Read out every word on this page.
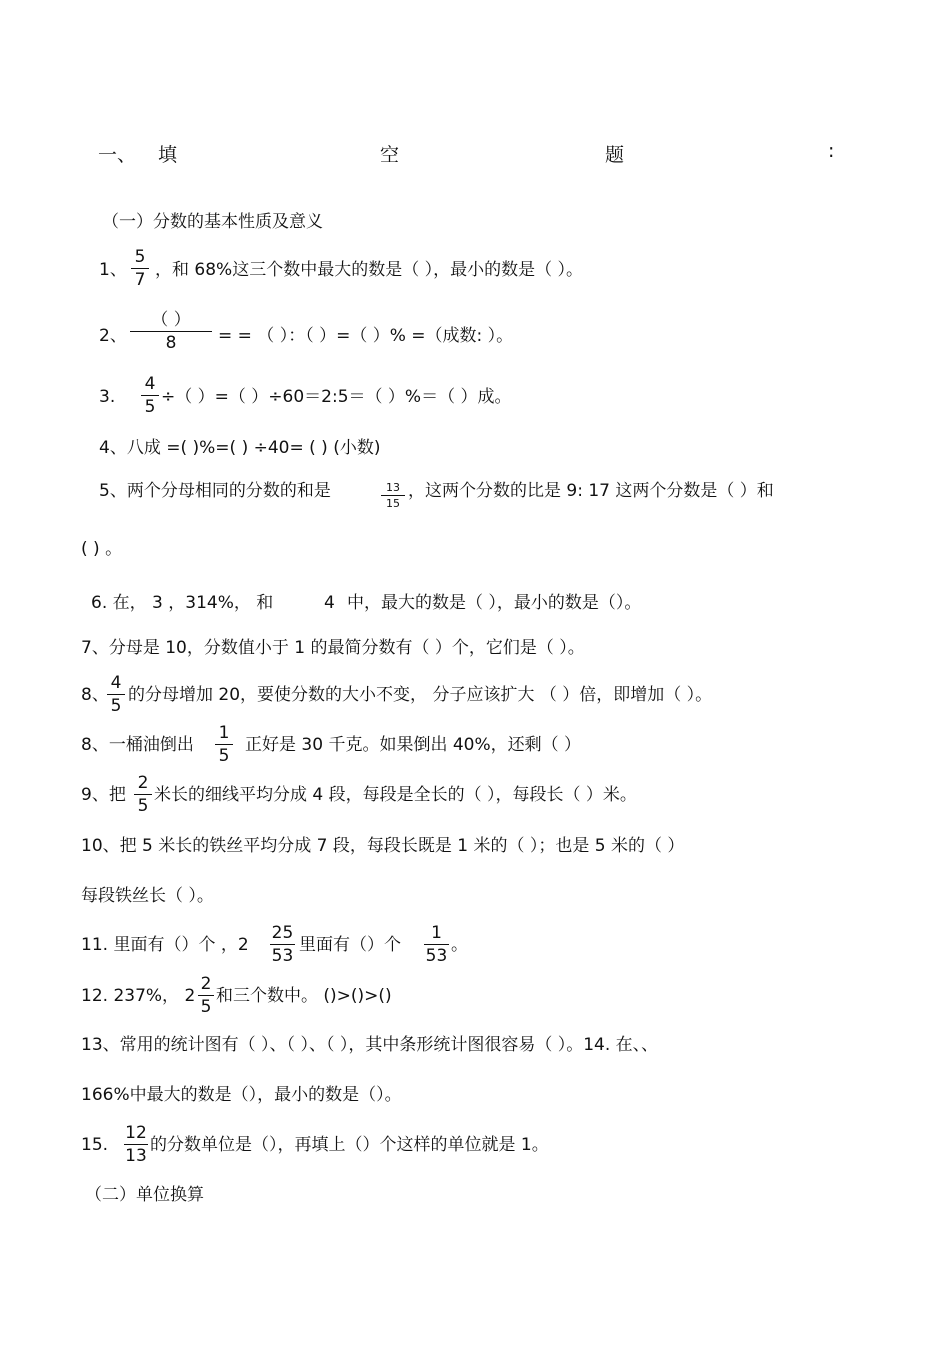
一、 填	空	题	:
（一）分数的基本性质及意义
1、
5
7 ，和 68%这三个数中最大的数是（ ），最小的数是（ ）。
2、
（ ）
8	= = （ ）：（ ）=（ ）% =（成数: ）。
3.
4
5 ÷（ ）=（ ）÷60＝2:5＝（ ）%＝（ ）成。
4、八成 =( )%=( ) ÷40= ( ) (小数)
5、两个分母相同的分数的和是	13
15
，这两个分数的比是 9: 17 这两个分数是（ ）和
( ) 。
6. 在， 3 ，314%， 和	4 中，最大的数是（ ），最小的数是（）。
7、分母是 10，分数值小于 1 的最简分数有（ ）个，它们是（ ）。
8、
4
5
的分母增加 20，要使分数的大小不变， 分子应该扩大 （ ）倍，即增加（ ）。
8、一桶油倒出
1
5
正好是 30 千克。如果倒出 40%，还剩（ ）
9、把
2
5
米长的细线平均分成 4 段，每段是全长的（ ），每段长（ ）米。
10、把 5 米长的铁丝平均分成 7 段，每段长既是 1 米的（ ）；也是 5 米的（ ）
每段铁丝长（ ）。
11. 里面有（）个 ，2
25
53
里面有（）个
1
53
。
12. 237%， 2
2
5
和三个数中。 ()>()>()
13、常用的统计图有（ ）、（ ）、（ ），其中条形统计图很容易（ ）。14. 在、、
166%中最大的数是（），最小的数是（）。
15.
12
13
的分数单位是（），再填上（）个这样的单位就是 1。
（二）单位换算
